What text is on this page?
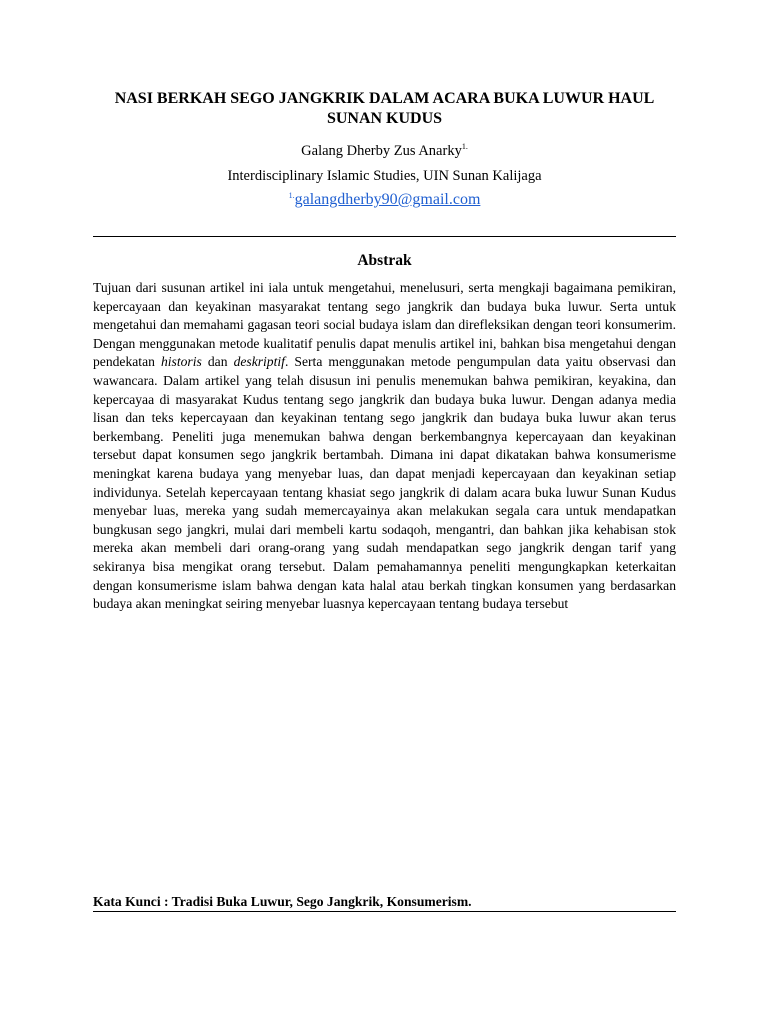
NASI BERKAH SEGO JANGKRIK DALAM ACARA BUKA LUWUR HAUL SUNAN KUDUS

Galang Dherby Zus Anarky$^{1.}$

Interdisciplinary Islamic Studies, UIN Sunan Kalijaga

$^{1.}$galangdherby90@gmail.com

Abstrak

Tujuan dari susunan artikel ini iala untuk mengetahui, menelusuri, serta mengkaji bagaimana pemikiran, kepercayaan dan keyakinan masyarakat tentang sego jangkrik dan budaya buka luwur. Serta untuk mengetahui dan memahami gagasan teori social budaya islam dan direfleksikan dengan teori konsumerim. Dengan menggunakan metode kualitatif penulis dapat menulis artikel ini, bahkan bisa mengetahui dengan pendekatan historis dan deskriptif. Serta menggunakan metode pengumpulan data yaitu observasi dan wawancara. Dalam artikel yang telah disusun ini penulis menemukan bahwa pemikiran, keyakina, dan kepercayaa di masyarakat Kudus tentang sego jangkrik dan budaya buka luwur. Dengan adanya media lisan dan teks kepercayaan dan keyakinan tentang sego jangkrik dan budaya buka luwur akan terus berkembang. Peneliti juga menemukan bahwa dengan berkembangnya kepercayaan dan keyakinan tersebut dapat konsumen sego jangkrik bertambah. Dimana ini dapat dikatakan bahwa konsumerisme meningkat karena budaya yang menyebar luas, dan dapat menjadi kepercayaan dan keyakinan setiap individunya. Setelah kepercayaan tentang khasiat sego jangkrik di dalam acara buka luwur Sunan Kudus menyebar luas, mereka yang sudah memercayainya akan melakukan segala cara untuk mendapatkan bungkusan sego jangkri, mulai dari membeli kartu sodaqoh, mengantri, dan bahkan jika kehabisan stok mereka akan membeli dari orang-orang yang sudah mendapatkan sego jangkrik dengan tarif yang sekiranya bisa mengikat orang tersebut. Dalam pemahamannya peneliti mengungkapkan keterkaitan dengan konsumerisme islam bahwa dengan kata halal atau berkah tingkan konsumen yang berdasarkan budaya akan meningkat seiring menyebar luasnya kepercayaan tentang budaya tersebut

Kata Kunci : Tradisi Buka Luwur, Sego Jangkrik, Konsumerism.
